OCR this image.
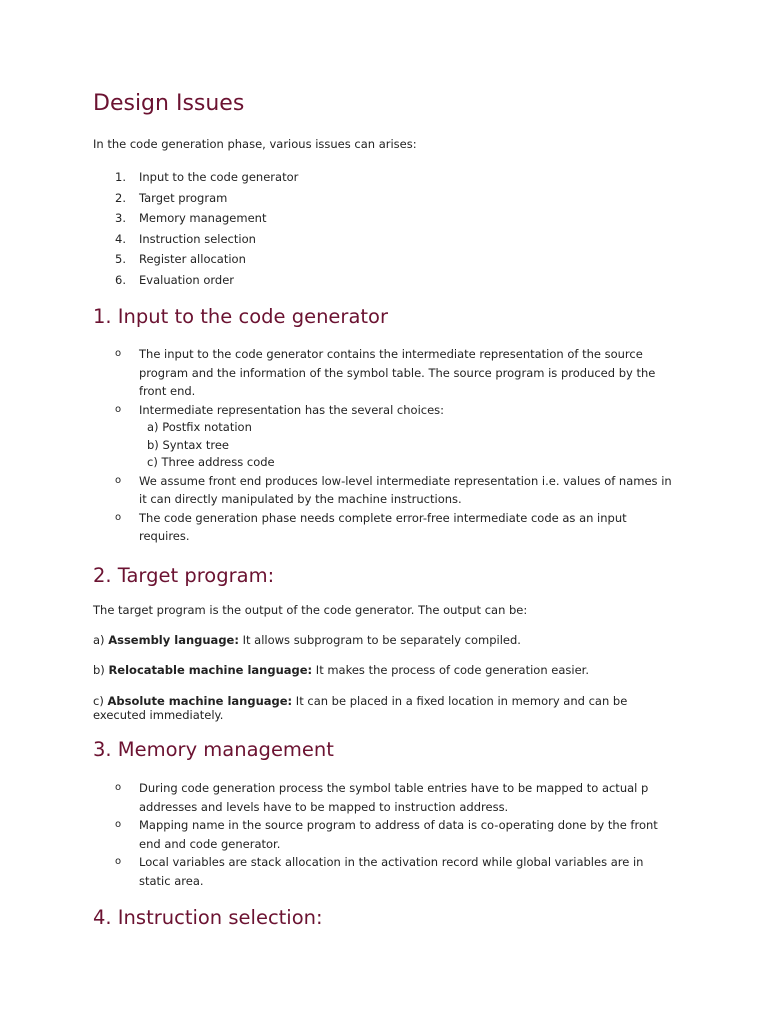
Design Issues

In the code generation phase, various issues can arises:

1.	Input to the code generator
2.	Target program
3.	Memory management
4.	Instruction selection
5.	Register allocation
6.	Evaluation order
1. Input to the code generator
o The input to the code generator contains the intermediate representation of the source program and the information of the symbol table. The source program is produced by the front end.
o Intermediate representation has the several choices:
a) Postfix notation
b) Syntax tree
c) Three address code
o We assume front end produces low-level intermediate representation i.e. values of names in it can directly manipulated by the machine instructions.
o The code generation phase needs complete error-free intermediate code as an input requires.
2. Target program:

The target program is the output of the code generator. The output can be:

a) Assembly language: It allows subprogram to be separately compiled.

b) Relocatable machine language: It makes the process of code generation easier.

c) Absolute machine language: It can be placed in a fixed location in memory and can be executed immediately.

3. Memory management
o During code generation process the symbol table entries have to be mapped to actual p addresses and levels have to be mapped to instruction address.
o Mapping name in the source program to address of data is co-operating done by the front end and code generator.
o Local variables are stack allocation in the activation record while global variables are in static area.
4. Instruction selection:
